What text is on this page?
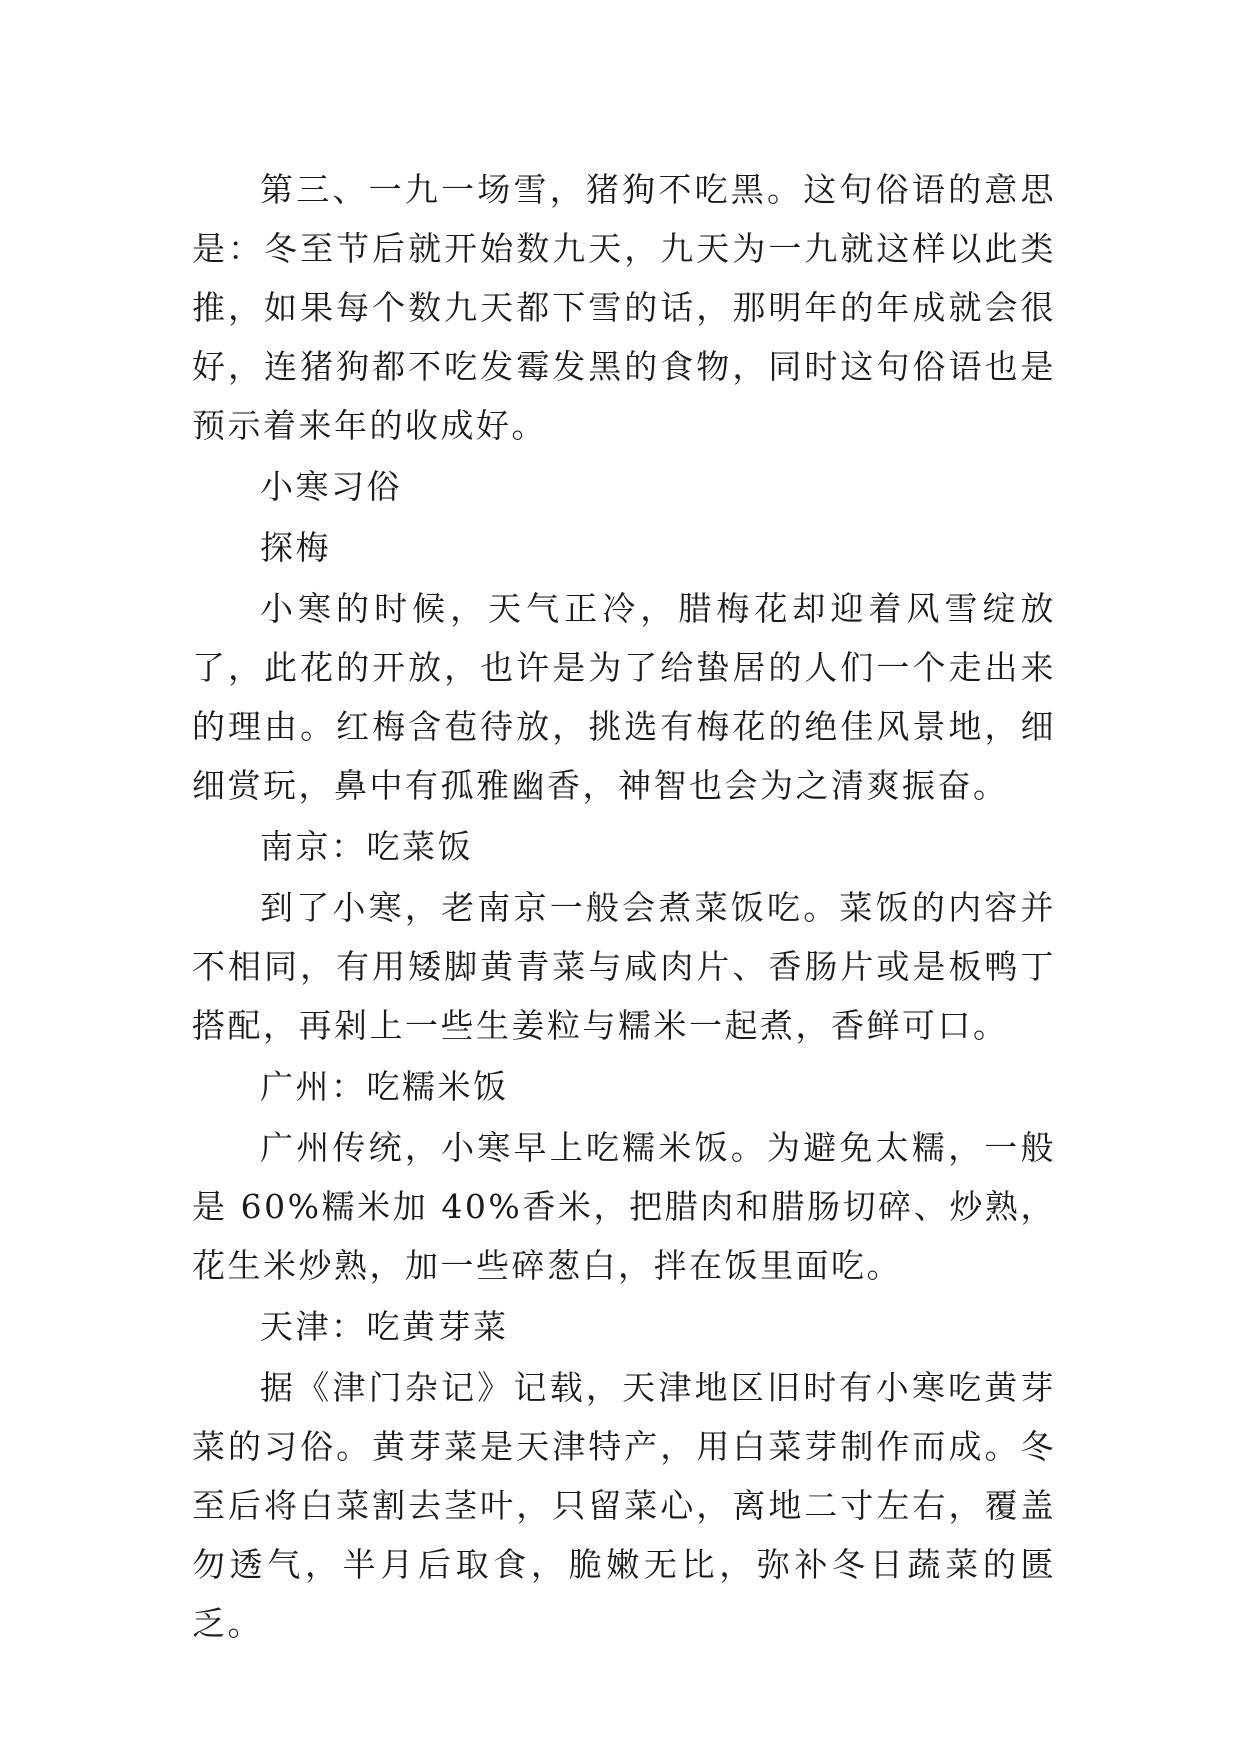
第三、一九一场雪，猪狗不吃黑。这句俗语的意思是：冬至节后就开始数九天，九天为一九就这样以此类推，如果每个数九天都下雪的话，那明年的年成就会很好，连猪狗都不吃发霉发黑的食物，同时这句俗语也是预示着来年的收成好。

小寒习俗

探梅

小寒的时候，天气正冷，腊梅花却迎着风雪绽放了，此花的开放，也许是为了给蛰居的人们一个走出来的理由。红梅含苞待放，挑选有梅花的绝佳风景地，细细赏玩，鼻中有孤雅幽香，神智也会为之清爽振奋。

南京：吃菜饭

到了小寒，老南京一般会煮菜饭吃。菜饭的内容并不相同，有用矮脚黄青菜与咸肉片、香肠片或是板鸭丁搭配，再剁上一些生姜粒与糯米一起煮，香鲜可口。

广州：吃糯米饭

广州传统，小寒早上吃糯米饭。为避免太糯，一般是 60%糯米加 40%香米，把腊肉和腊肠切碎、炒熟，花生米炒熟，加一些碎葱白，拌在饭里面吃。

天津：吃黄芽菜

据《津门杂记》记载，天津地区旧时有小寒吃黄芽菜的习俗。黄芽菜是天津特产，用白菜芽制作而成。冬至后将白菜割去茎叶，只留菜心，离地二寸左右，覆盖勿透气，半月后取食，脆嫩无比，弥补冬日蔬菜的匮乏。
